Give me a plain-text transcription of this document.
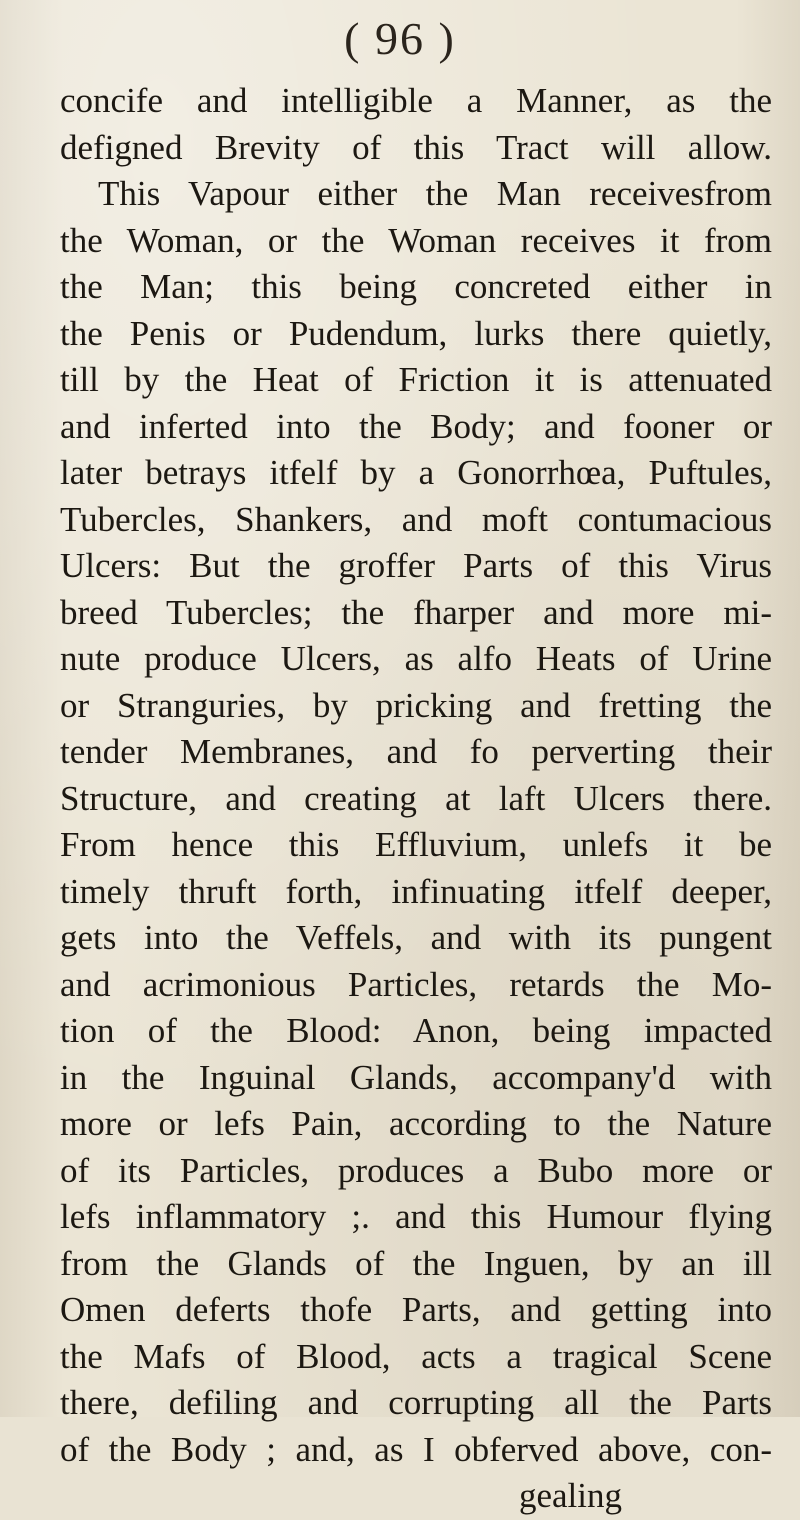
( 96 )
concife and intelligible a Manner, as the
defigned Brevity of this Tract will allow.
This Vapour either the Man receivesfrom
the Woman, or the Woman receives it from
the Man; this being concreted either in
the Penis or Pudendum, lurks there quietly,
till by the Heat of Friction it is attenuated
and inferted into the Body; and fooner or
later betrays itfelf by a Gonorrhœa, Puftules,
Tubercles, Shankers, and moft contumacious
Ulcers: But the groffer Parts of this Virus
breed Tubercles; the fharper and more mi-
nute produce Ulcers, as alfo Heats of Urine
or Stranguries, by pricking and fretting the
tender Membranes, and fo perverting their
Structure, and creating at laft Ulcers there.
From hence this Effluvium, unlefs it be
timely thruft forth, infinuating itfelf deeper,
gets into the Veffels, and with its pungent
and acrimonious Particles, retards the Mo-
tion of the Blood: Anon, being impacted
in the Inguinal Glands, accompany'd with
more or lefs Pain, according to the Nature
of its Particles, produces a Bubo more or
lefs inflammatory ;. and this Humour flying
from the Glands of the Inguen, by an ill
Omen deferts thofe Parts, and getting into
the Mafs of Blood, acts a tragical Scene
there, defiling and corrupting all the Parts
of the Body ; and, as I obferved above, con-
gealing
